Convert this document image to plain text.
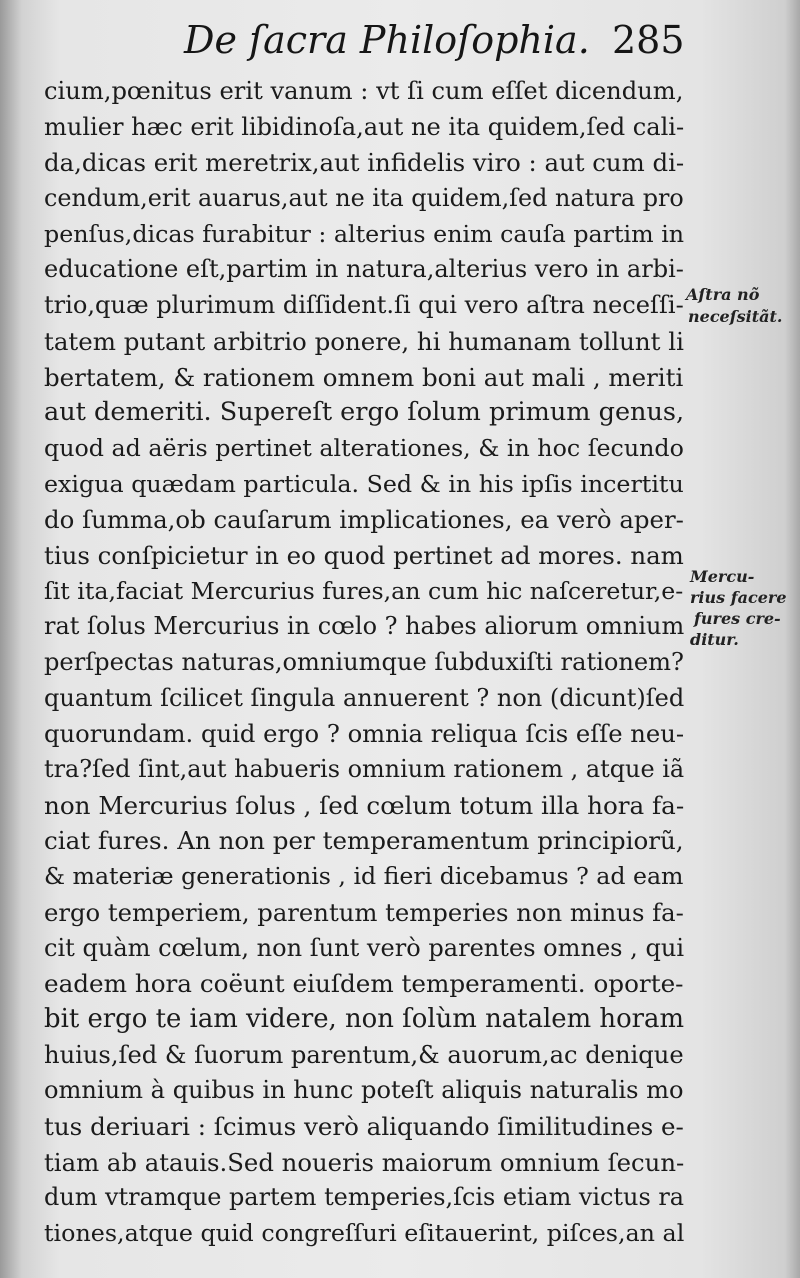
De ſacra Philoſophia. 285
cium,pœnitus erit vanum : vt ſi cum eſſet dicendum,
mulier hæc erit libidinoſa,aut ne ita quidem,ſed cali-
da,dicas erit meretrix,aut infidelis viro : aut cum di-
cendum,erit auarus,aut ne ita quidem,ſed natura pro
penſus,dicas furabitur : alterius enim cauſa partim in
educatione eſt,partim in natura,alterius vero in arbi-
trio,quæ plurimum diſſident.ſi qui vero aſtra neceſſi-
tatem putant arbitrio ponere, hi humanam tollunt li
bertatem, & rationem omnem boni aut mali , meriti
aut demeriti. Supereſt ergo ſolum primum genus,
quod ad aëris pertinet alterationes, & in hoc ſecundo
exigua quædam particula. Sed & in his ipſis incertitu
do ſumma,ob cauſarum implicationes, ea verò aper-
tius conſpicietur in eo quod pertinet ad mores. nam
ſit ita,faciat Mercurius fures,an cum hic naſceretur,e-
rat ſolus Mercurius in cœlo ? habes aliorum omnium
perſpectas naturas,omniumque ſubduxiſti rationem?
quantum ſcilicet ſingula annuerent ? non (dicunt)ſed
quorundam. quid ergo ? omnia reliqua ſcis eſſe neu-
tra?ſed ſint,aut habueris omnium rationem , atque iã
non Mercurius ſolus , ſed cœlum totum illa hora fa-
ciat fures. An non per temperamentum principiorũ,
& materiæ generationis , id fieri dicebamus ? ad eam
ergo temperiem, parentum temperies non minus fa-
cit quàm cœlum, non ſunt verò parentes omnes , qui
eadem hora coëunt eiuſdem temperamenti. oporte-
bit ergo te iam videre, non ſolùm natalem horam
huius,ſed & ſuorum parentum,& auorum,ac denique
omnium à quibus in hunc poteſt aliquis naturalis mo
tus deriuari : ſcimus verò aliquando ſimilitudines e-
tiam ab atauis.Sed noueris maiorum omnium ſecun-
dum vtramque partem temperies,ſcis etiam victus ra
tiones,atque quid congreſſuri eſitauerint, piſces,an al
Aſtra nõ
neceſsitãt.
Mercu-
rius facere
fures cre-
ditur.
